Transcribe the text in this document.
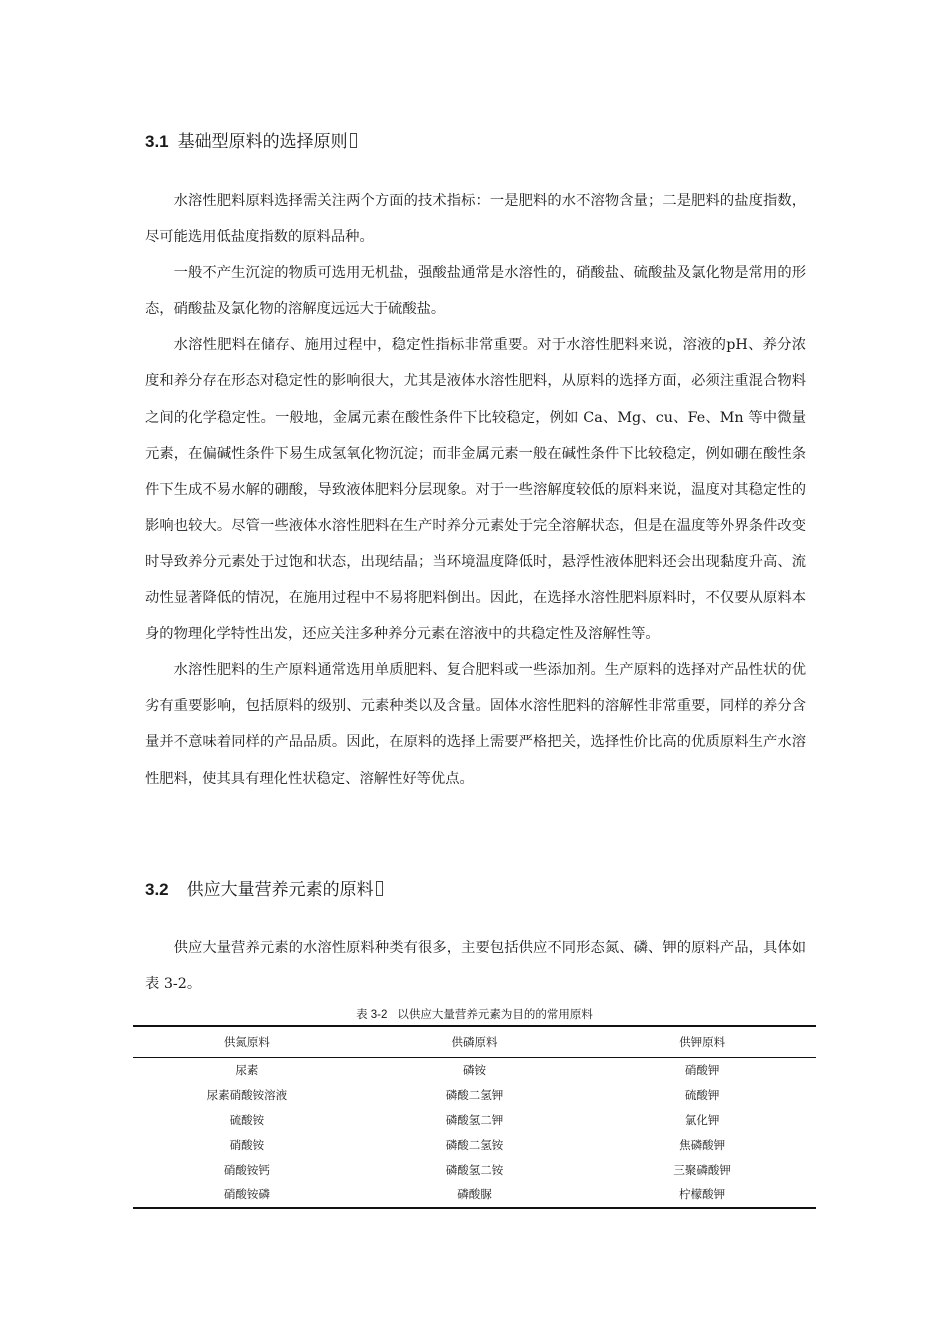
3.1 基础型原料的选择原则

水溶性肥料原料选择需关注两个方面的技术指标：一是肥料的水不溶物含量；二是肥料的盐度指数，尽可能选用低盐度指数的原料品种。

一般不产生沉淀的物质可选用无机盐，强酸盐通常是水溶性的，硝酸盐、硫酸盐及氯化物是常用的形态，硝酸盐及氯化物的溶解度远远大于硫酸盐。

水溶性肥料在储存、施用过程中，稳定性指标非常重要。对于水溶性肥料来说，溶液的pH、养分浓度和养分存在形态对稳定性的影响很大，尤其是液体水溶性肥料，从原料的选择方面，必须注重混合物料之间的化学稳定性。一般地，金属元素在酸性条件下比较稳定，例如 Ca、Mg、cu、Fe、Mn 等中微量元素，在偏碱性条件下易生成氢氧化物沉淀；而非金属元素一般在碱性条件下比较稳定，例如硼在酸性条件下生成不易水解的硼酸，导致液体肥料分层现象。对于一些溶解度较低的原料来说，温度对其稳定性的影响也较大。尽管一些液体水溶性肥料在生产时养分元素处于完全溶解状态，但是在温度等外界条件改变时导致养分元素处于过饱和状态，出现结晶；当环境温度降低时，悬浮性液体肥料还会出现黏度升高、流动性显著降低的情况，在施用过程中不易将肥料倒出。因此，在选择水溶性肥料原料时，不仅要从原料本身的物理化学特性出发，还应关注多种养分元素在溶液中的共稳定性及溶解性等。

水溶性肥料的生产原料通常选用单质肥料、复合肥料或一些添加剂。生产原料的选择对产品性状的优劣有重要影响，包括原料的级别、元素种类以及含量。固体水溶性肥料的溶解性非常重要，同样的养分含量并不意味着同样的产品品质。因此，在原料的选择上需要严格把关，选择性价比高的优质原料生产水溶性肥料，使其具有理化性状稳定、溶解性好等优点。

3.2 供应大量营养元素的原料

供应大量营养元素的水溶性原料种类有很多，主要包括供应不同形态氮、磷、钾的原料产品，具体如表 3-2。

表 3-2 以供应大量营养元素为目的的常用原料
供氮原料	供磷原料	供钾原料
尿素	磷铵	硝酸钾
尿素硝酸铵溶液	磷酸二氢钾	硫酸钾
硫酸铵	磷酸氢二钾	氯化钾
硝酸铵	磷酸二氢铵	焦磷酸钾
硝酸铵钙	磷酸氢二铵	三聚磷酸钾
硝酸铵磷	磷酸脲	柠檬酸钾
